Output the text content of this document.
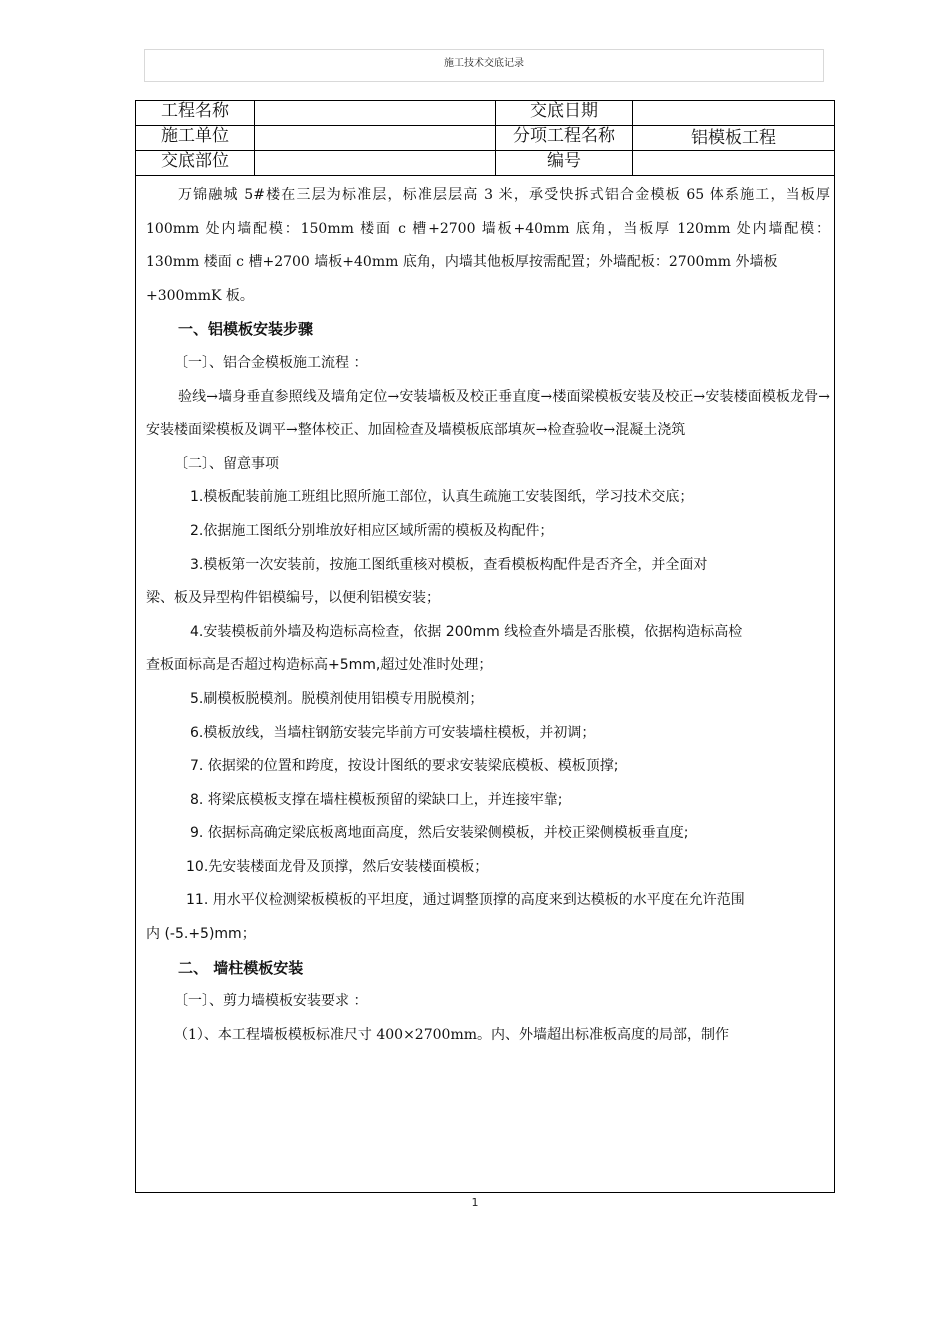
施工技术交底记录
工程名称		交底日期	
施工单位		分项工程名称	铝模板工程
交底部位		编号	

万锦融城 5#楼在三层为标准层，标准层层高 3 米，承受快拆式铝合金模板 65 体系施工，当板厚 100mm 处内墙配模：150mm 楼面 c 槽+2700 墙板+40mm 底角，当板厚 120mm 处内墙配模： 130mm 楼面 c 槽+2700 墙板+40mm 底角，内墙其他板厚按需配置；外墙配板：2700mm 外墙板

+300mmK 板。

一、铝模板安装步骤

〔一〕、铝合金模板施工流程 ：

验线→墙身垂直参照线及墙角定位→安装墙板及校正垂直度→楼面梁模板安装及校正→安装楼面模板龙骨→安装楼面梁模板及调平→整体校正、加固检查及墙模板底部填灰→检查验收→混凝土浇筑

〔二〕、留意事项

1.模板配装前施工班组比照所施工部位，认真生疏施工安装图纸，学习技术交底；

2.依据施工图纸分别堆放好相应区域所需的模板及构配件；

3.模板第一次安装前，按施工图纸重核对模板，查看模板构配件是否齐全，并全面对

梁、板及异型构件铝模编号，以便利铝模安装；

4.安装模板前外墙及构造标高检查，依据 200mm 线检查外墙是否胀模，依据构造标高检

查板面标高是否超过构造标高+5mm,超过处准时处理；

5.刷模板脱模剂。脱模剂使用铝模专用脱模剂；

6.模板放线，当墙柱钢筋安装完毕前方可安装墙柱模板，并初调；

7. 依据梁的位置和跨度，按设计图纸的要求安装梁底模板、模板顶撑;

8. 将梁底模板支撑在墙柱模板预留的梁缺口上，并连接牢靠;

9. 依据标高确定梁底板离地面高度，然后安装梁侧模板，并校正梁侧模板垂直度;

10.先安装楼面龙骨及顶撑，然后安装楼面模板；

11. 用水平仪检测梁板模板的平坦度，通过调整顶撑的高度来到达模板的水平度在允许范围

内 (-5.+5)mm；

二、 墙柱模板安装

〔一〕、剪力墙模板安装要求 ：

（1）、本工程墙板模板标准尺寸 400×2700mm。内、外墙超出标准板高度的局部，制作

1
